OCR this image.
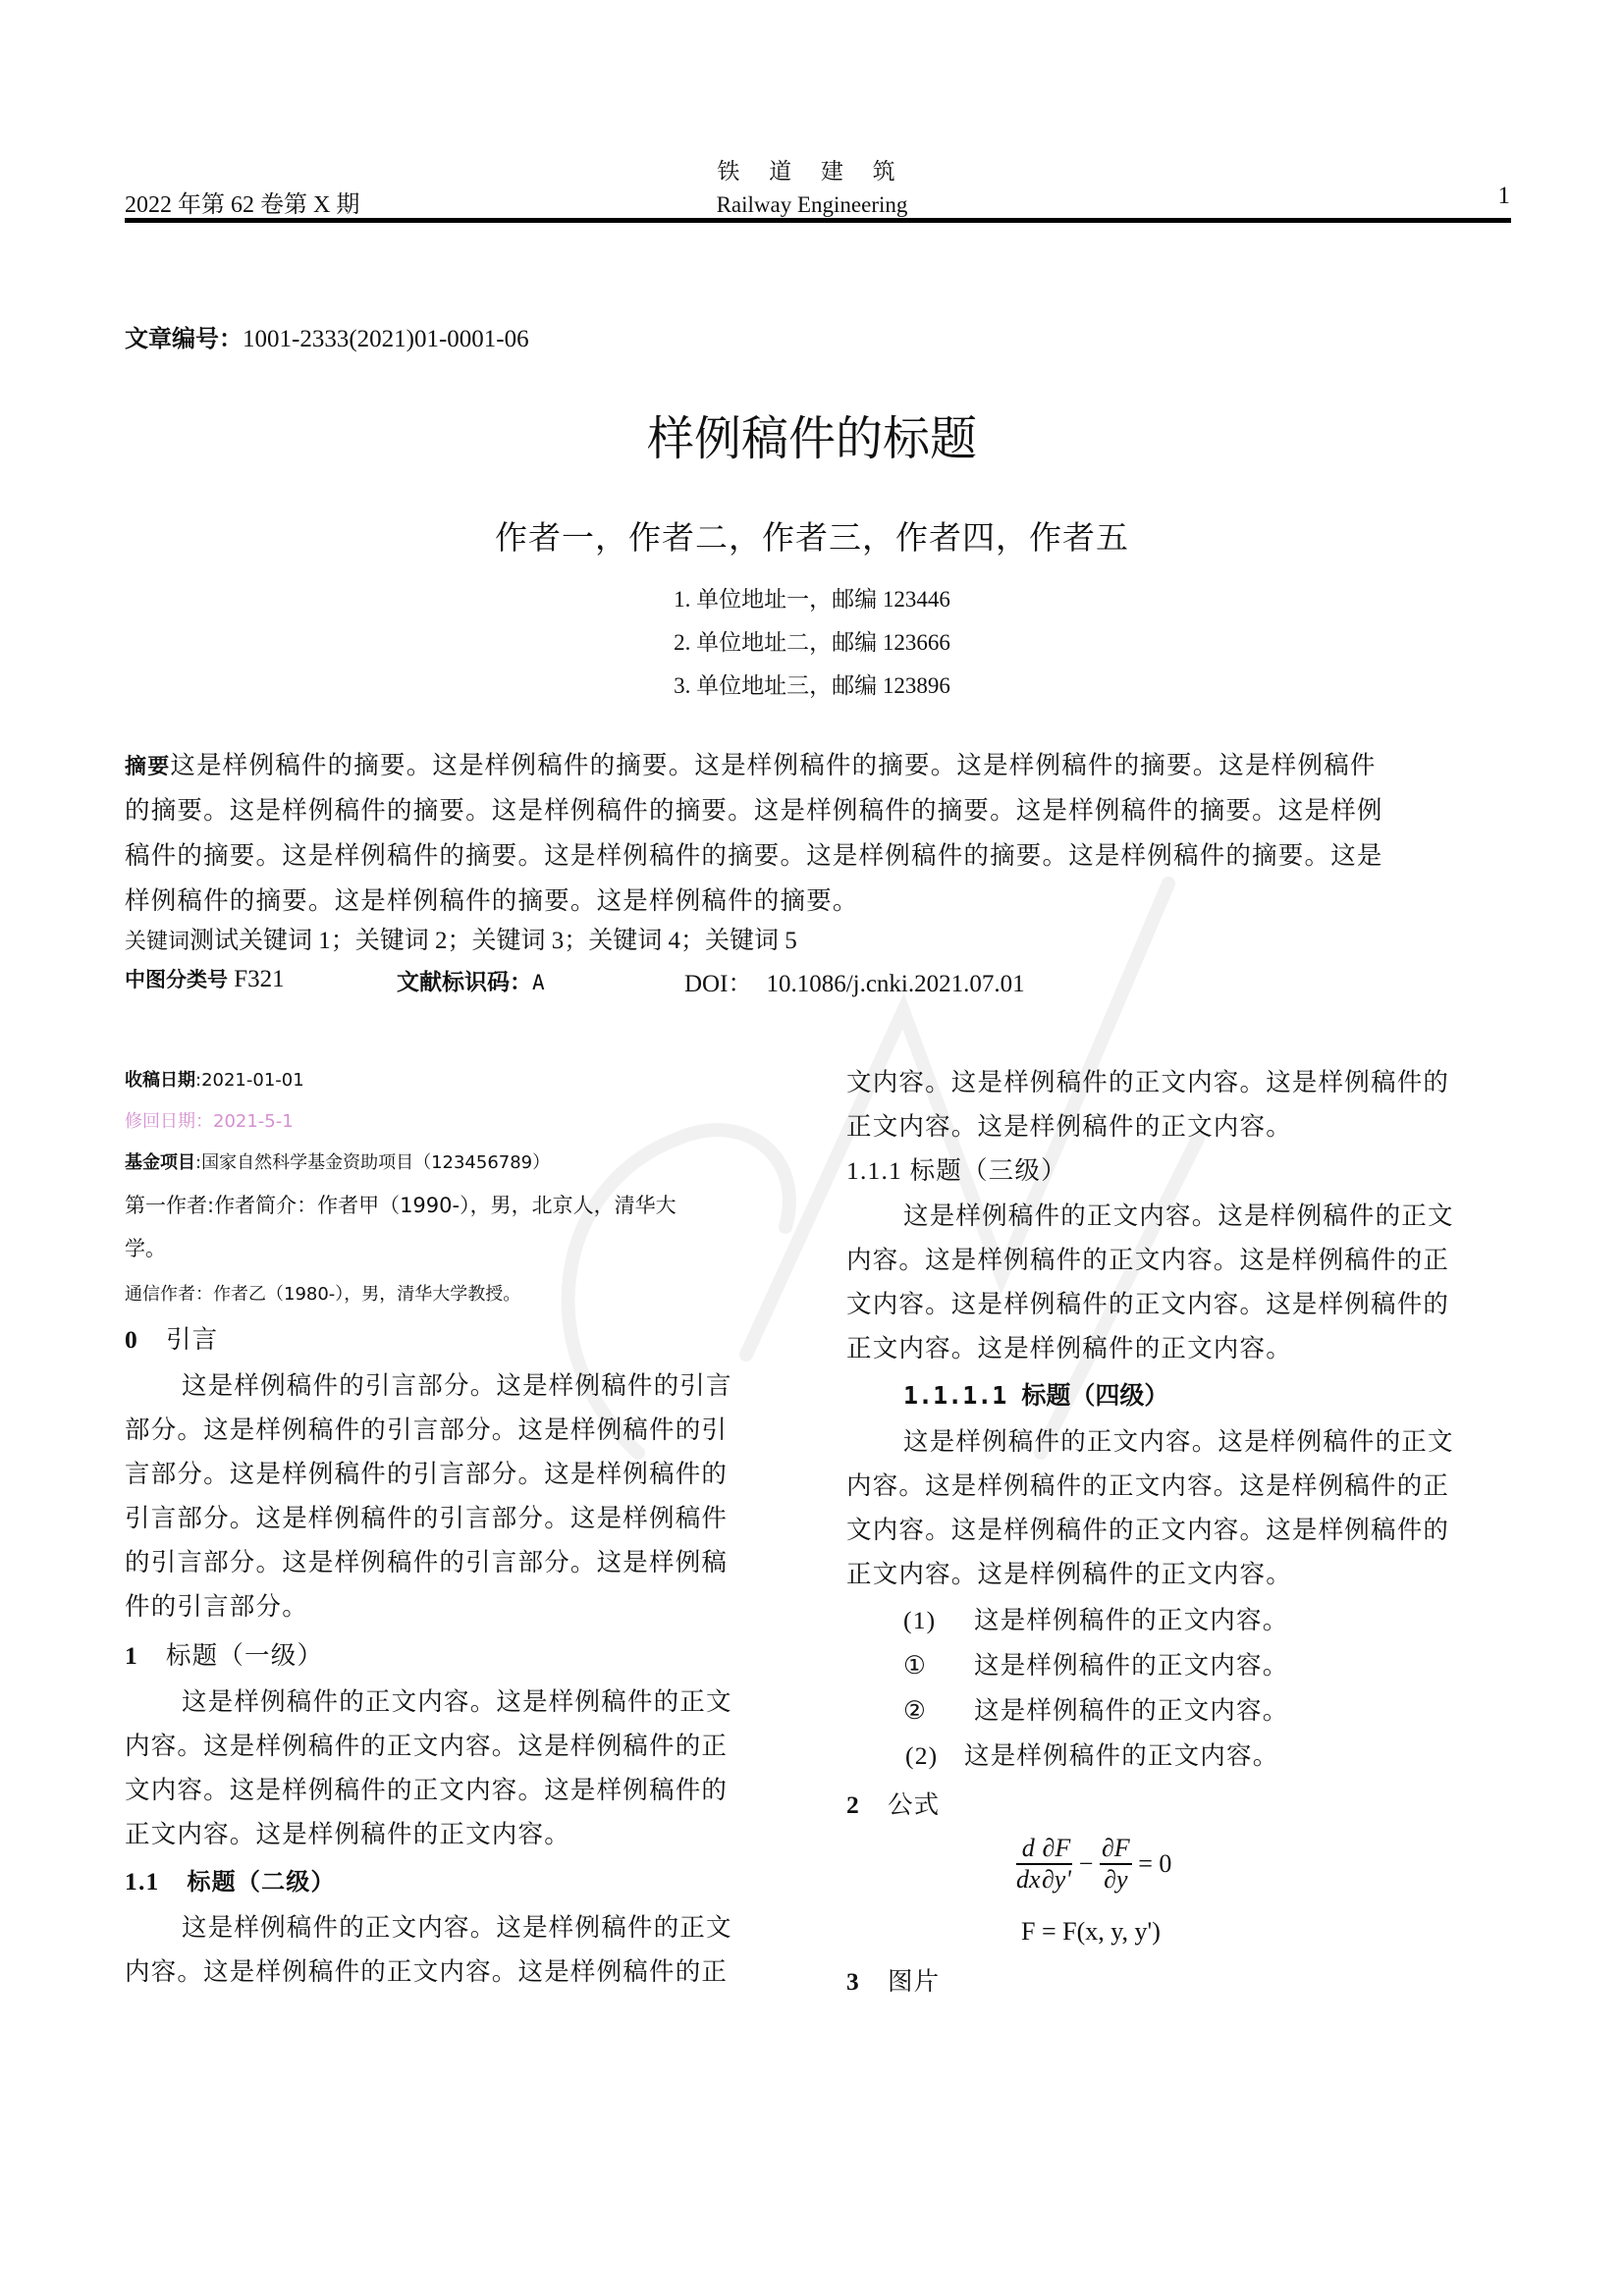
2022 年第 62 卷第 X 期
铁 道 建 筑
Railway Engineering	1
文章编号：1001-2333(2021)01-0001-06
样例稿件的标题
作者一，作者二，作者三，作者四，作者五
1. 单位地址一，邮编 123446
2. 单位地址二，邮编 123666
3. 单位地址三，邮编 123896
摘要这是样例稿件的摘要。这是样例稿件的摘要。这是样例稿件的摘要。这是样例稿件的摘要。这是样例稿件
的摘要。这是样例稿件的摘要。这是样例稿件的摘要。这是样例稿件的摘要。这是样例稿件的摘要。这是样例
稿件的摘要。这是样例稿件的摘要。这是样例稿件的摘要。这是样例稿件的摘要。这是样例稿件的摘要。这是
样例稿件的摘要。这是样例稿件的摘要。这是样例稿件的摘要。
关键词测试关键词 1；关键词 2；关键词 3；关键词 4；关键词 5
中图分类号 F321	文献标识码：A	DOI： 10.1086/j.cnki.2021.07.01
收稿日期:2021-01-01
修回日期：2021-5-1
基金项目:国家自然科学基金资助项目（123456789）
第一作者:作者简介：作者甲（1990-），男，北京人，清华大
学。
通信作者：作者乙（1980-），男，清华大学教授。
0 引言
这是样例稿件的引言部分。这是样例稿件的引言
部分。这是样例稿件的引言部分。这是样例稿件的引
言部分。这是样例稿件的引言部分。这是样例稿件的
引言部分。这是样例稿件的引言部分。这是样例稿件
的引言部分。这是样例稿件的引言部分。这是样例稿
件的引言部分。
1 标题（一级）
这是样例稿件的正文内容。这是样例稿件的正文
内容。这是样例稿件的正文内容。这是样例稿件的正
文内容。这是样例稿件的正文内容。这是样例稿件的
正文内容。这是样例稿件的正文内容。
1.1 标题（二级）
这是样例稿件的正文内容。这是样例稿件的正文
内容。这是样例稿件的正文内容。这是样例稿件的正
文内容。这是样例稿件的正文内容。这是样例稿件的
正文内容。这是样例稿件的正文内容。
1.1.1 标题（三级）
这是样例稿件的正文内容。这是样例稿件的正文
内容。这是样例稿件的正文内容。这是样例稿件的正
文内容。这是样例稿件的正文内容。这是样例稿件的
正文内容。这是样例稿件的正文内容。
1.1.1.1 标题（四级）
这是样例稿件的正文内容。这是样例稿件的正文
内容。这是样例稿件的正文内容。这是样例稿件的正
文内容。这是样例稿件的正文内容。这是样例稿件的
正文内容。这是样例稿件的正文内容。
(1) 这是样例稿件的正文内容。
① 这是样例稿件的正文内容。
② 这是样例稿件的正文内容。
(2) 这是样例稿件的正文内容。
2 公式
$\frac{d}{dx} \frac{\partial F}{\partial y'} - \frac{\partial F}{\partial y} = 0$
F = F(x, y, y')
3 图片
